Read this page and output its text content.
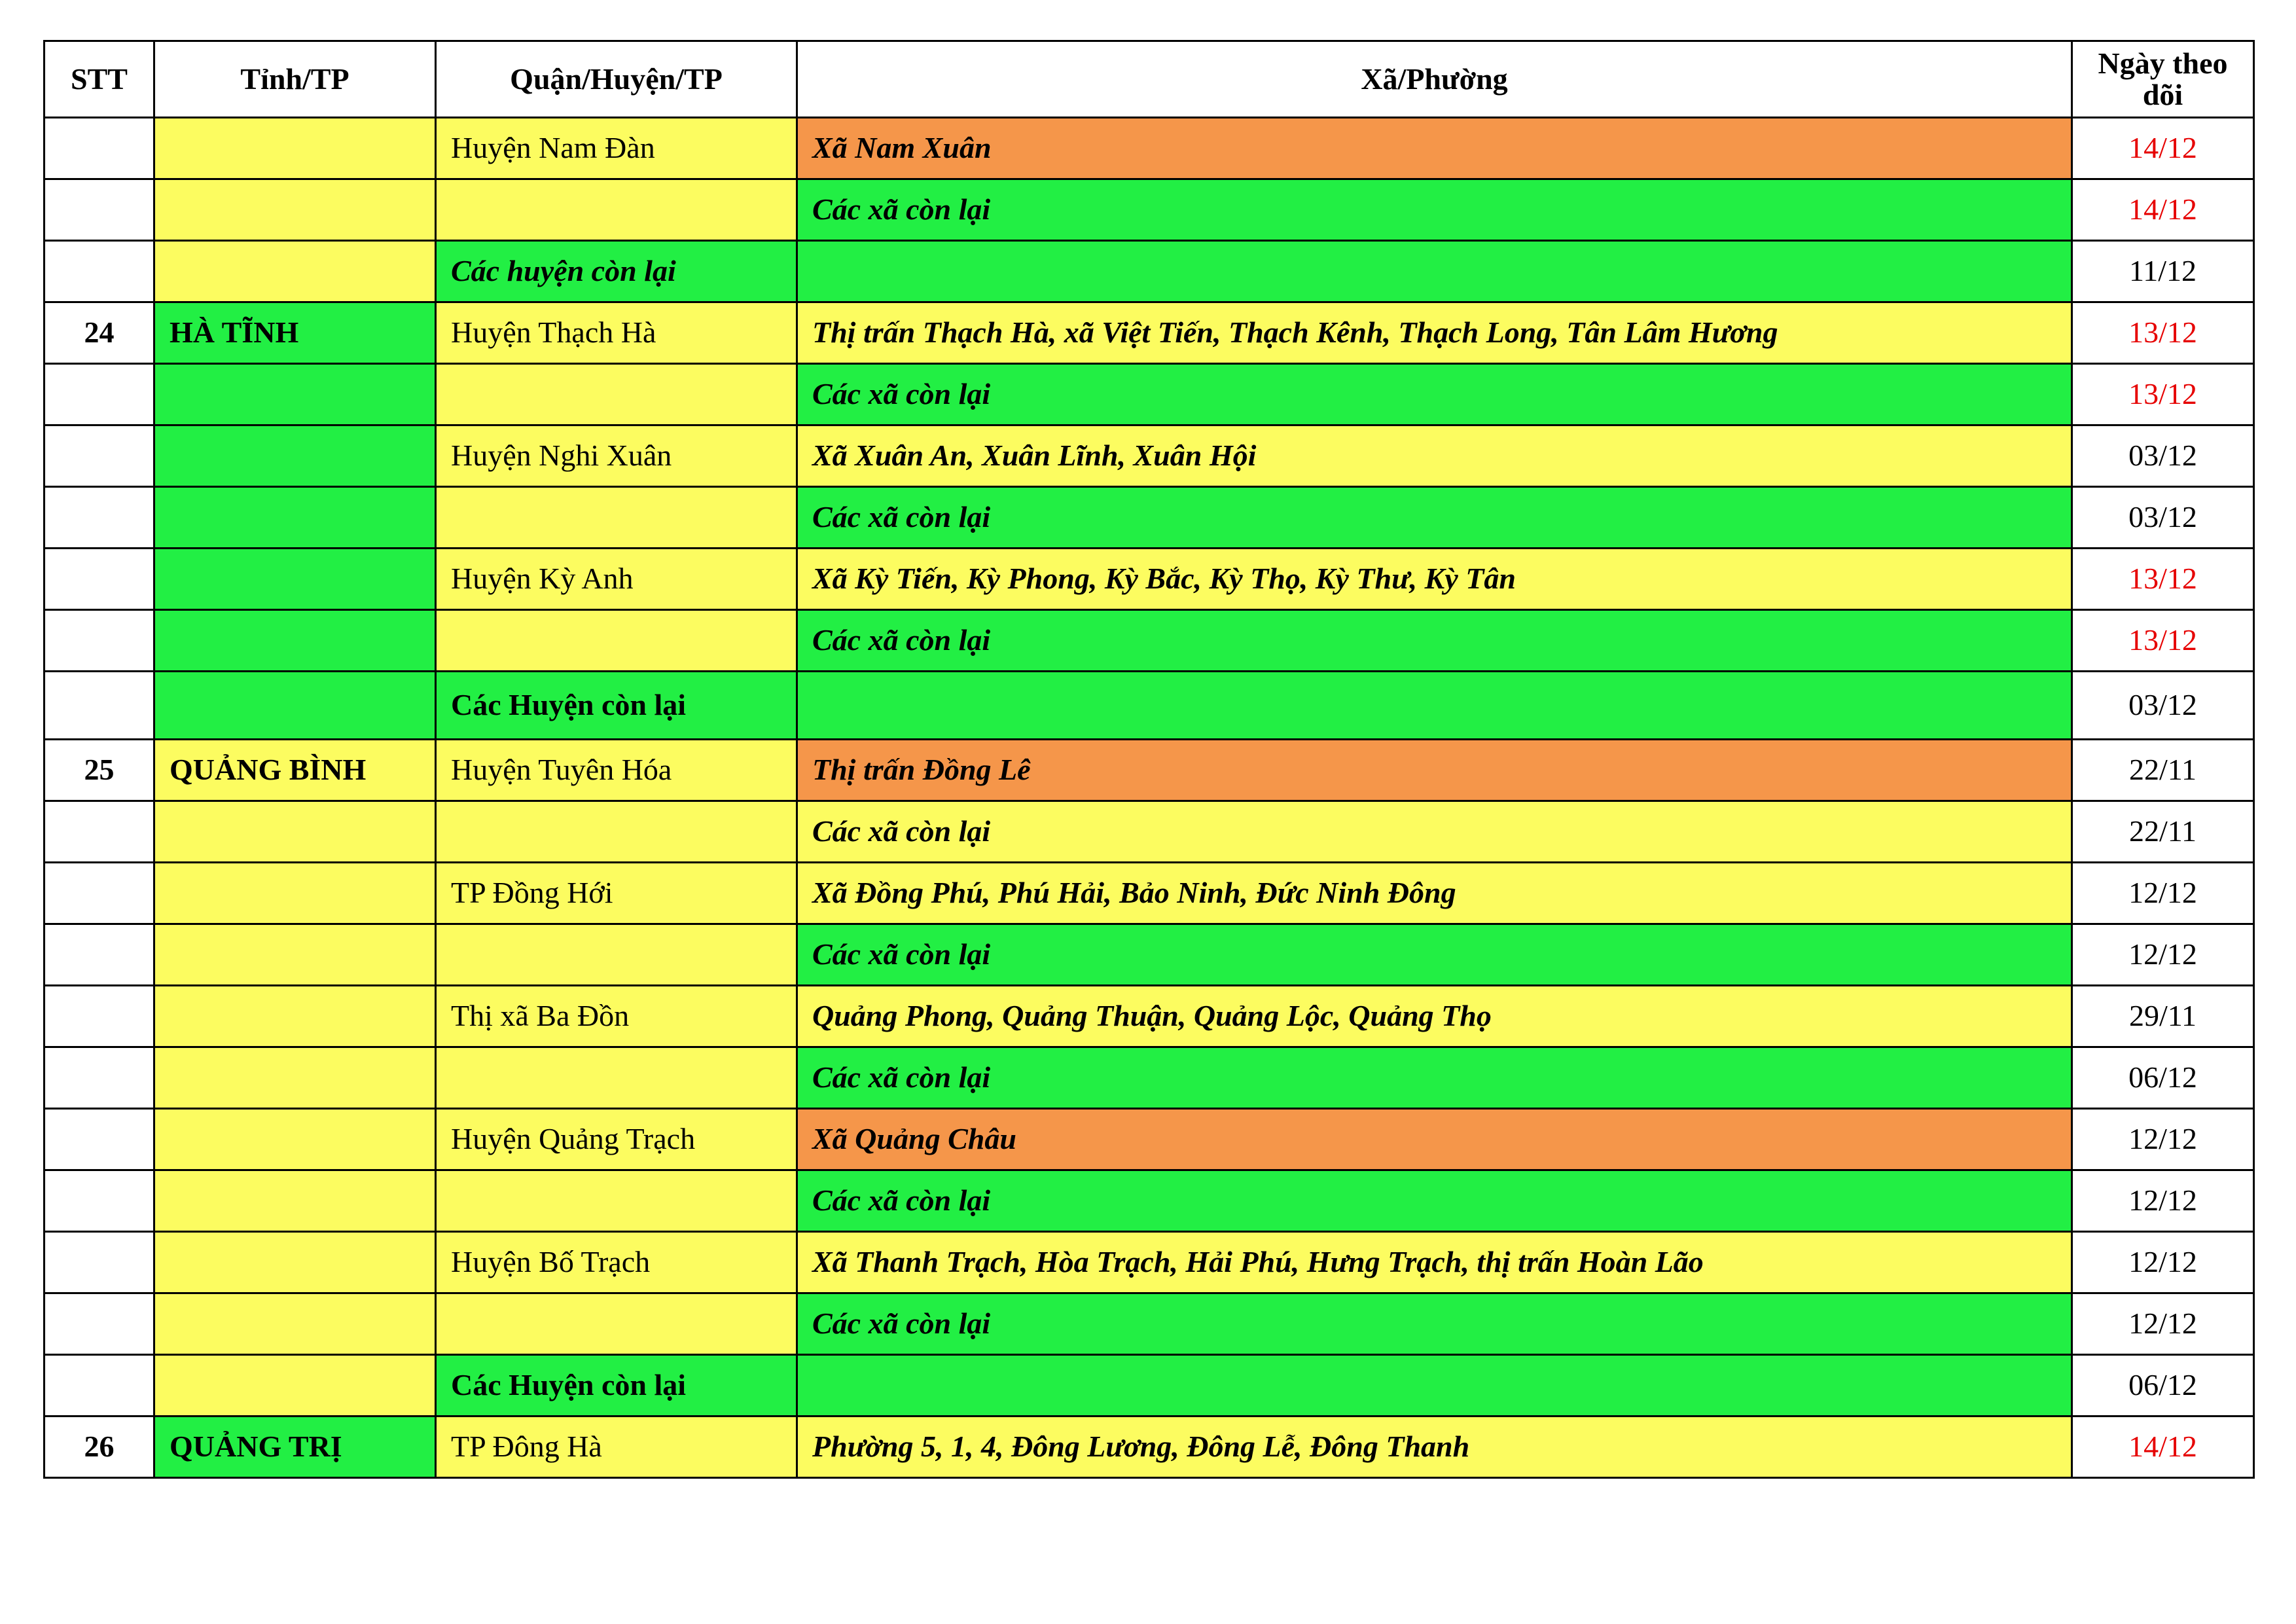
STT	Tỉnh/TP	Quận/Huyện/TP	Xã/Phường	Ngày theo dõi
		Huyện Nam Đàn	Xã Nam Xuân	14/12
			Các xã còn lại	14/12
		Các huyện còn lại		11/12
24	HÀ TĨNH	Huyện Thạch Hà	Thị trấn Thạch Hà, xã Việt Tiến, Thạch Kênh, Thạch Long, Tân Lâm Hương	13/12
			Các xã còn lại	13/12
		Huyện Nghi Xuân	Xã Xuân An, Xuân Lĩnh, Xuân Hội	03/12
			Các xã còn lại	03/12
		Huyện Kỳ Anh	Xã Kỳ Tiến, Kỳ Phong, Kỳ Bắc, Kỳ Thọ, Kỳ Thư, Kỳ Tân	13/12
			Các xã còn lại	13/12
		Các Huyện còn lại		03/12
25	QUẢNG BÌNH	Huyện Tuyên Hóa	Thị trấn Đồng Lê	22/11
			Các xã còn lại	22/11
		TP Đồng Hới	Xã Đồng Phú, Phú Hải, Bảo Ninh, Đức Ninh Đông	12/12
			Các xã còn lại	12/12
		Thị xã Ba Đồn	Quảng Phong, Quảng Thuận, Quảng Lộc, Quảng Thọ	29/11
			Các xã còn lại	06/12
		Huyện Quảng Trạch	Xã Quảng Châu	12/12
			Các xã còn lại	12/12
		Huyện Bố Trạch	Xã Thanh Trạch, Hòa Trạch, Hải Phú, Hưng Trạch, thị trấn Hoàn Lão	12/12
			Các xã còn lại	12/12
		Các Huyện còn lại		06/12
26	QUẢNG TRỊ	TP Đông Hà	Phường 5, 1, 4, Đông Lương, Đông Lễ, Đông Thanh	14/12
